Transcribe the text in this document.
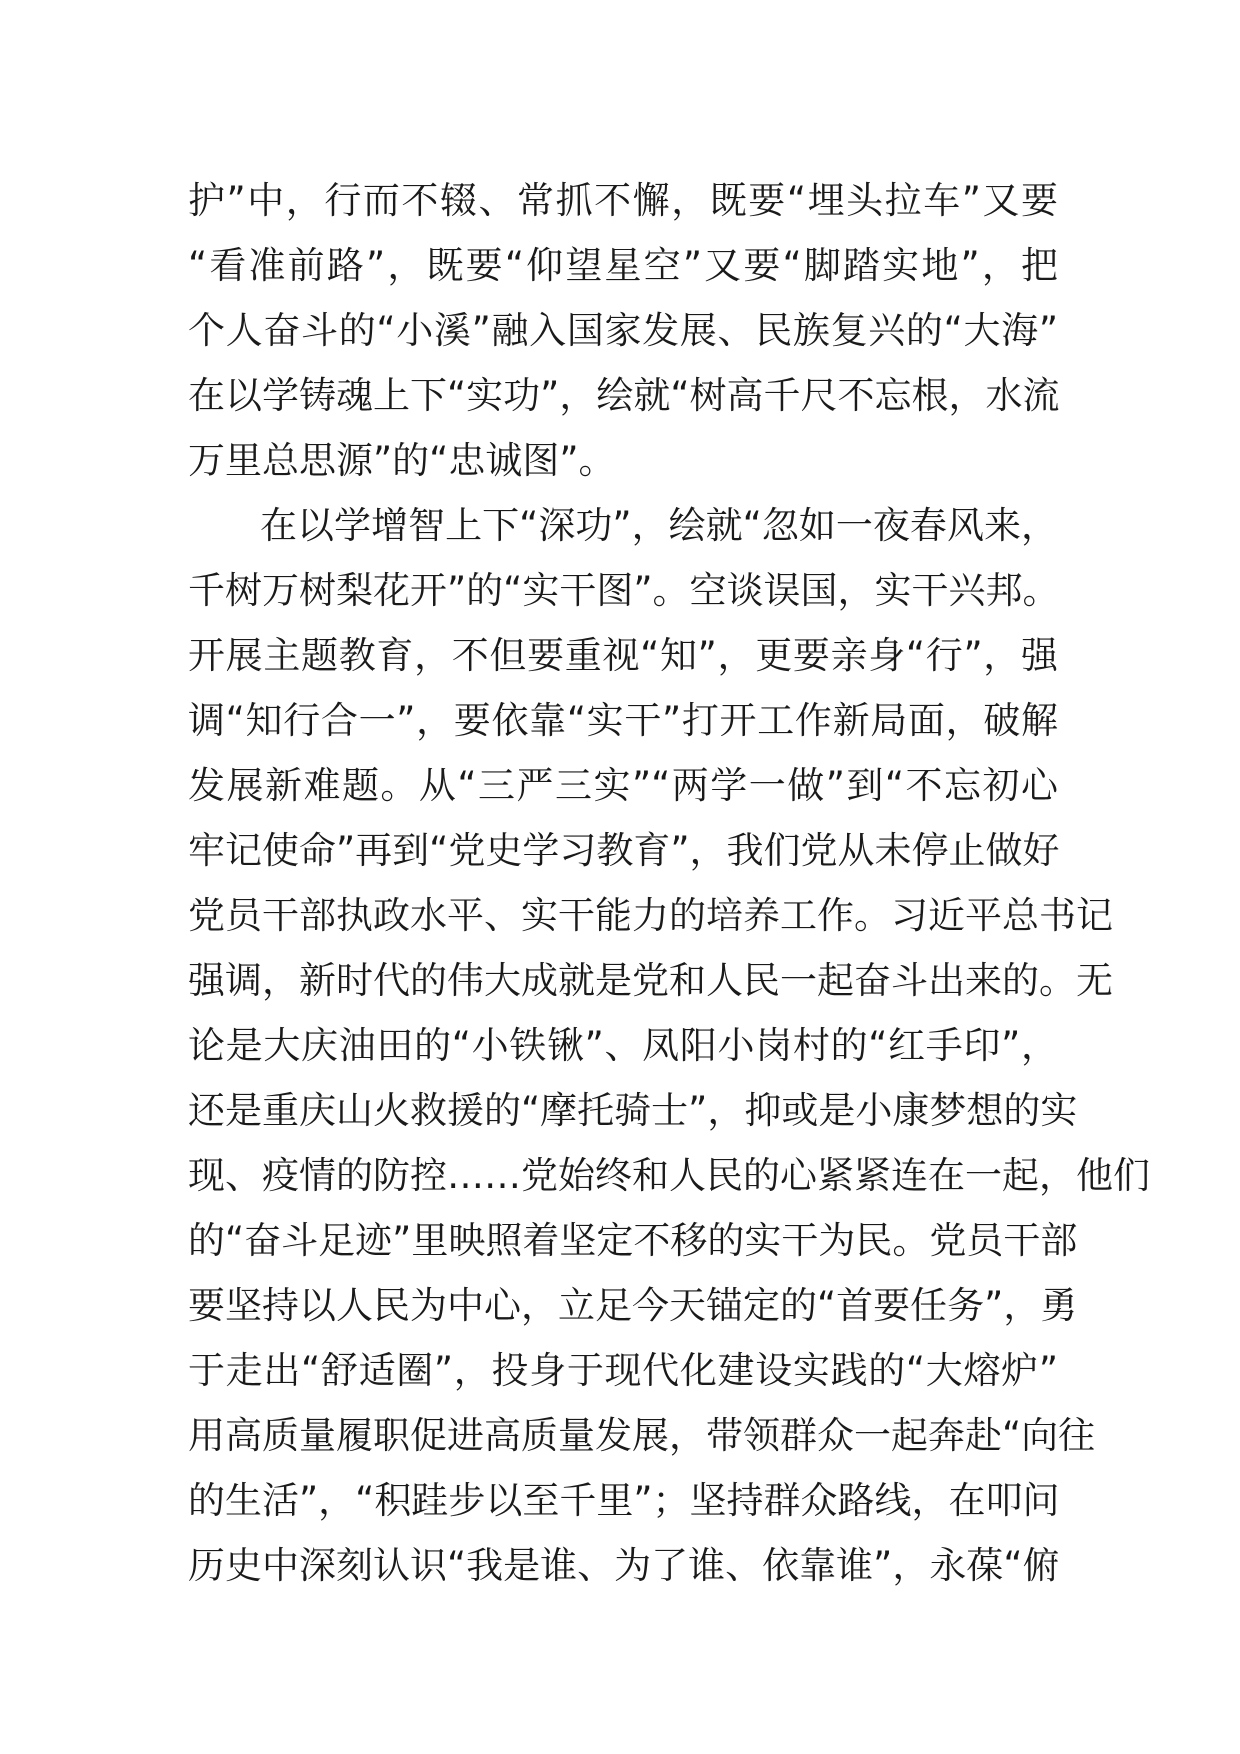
护”中，行而不辍、常抓不懈，既要“埋头拉车”又要
“看准前路”，既要“仰望星空”又要“脚踏实地”，把
个人奋斗的“小溪”融入国家发展、民族复兴的“大海”
在以学铸魂上下“实功”，绘就“树高千尺不忘根，水流
万里总思源”的“忠诚图”。
在以学增智上下“深功”，绘就“忽如一夜春风来，
千树万树梨花开”的“实干图”。空谈误国，实干兴邦。
开展主题教育，不但要重视“知”，更要亲身“行”，强
调“知行合一”，要依靠“实干”打开工作新局面，破解
发展新难题。从“三严三实”“两学一做”到“不忘初心
牢记使命”再到“党史学习教育”，我们党从未停止做好
党员干部执政水平、实干能力的培养工作。习近平总书记
强调，新时代的伟大成就是党和人民一起奋斗出来的。无
论是大庆油田的“小铁锹”、凤阳小岗村的“红手印”，
还是重庆山火救援的“摩托骑士”，抑或是小康梦想的实
现、疫情的防控……党始终和人民的心紧紧连在一起，他们
的“奋斗足迹”里映照着坚定不移的实干为民。党员干部
要坚持以人民为中心，立足今天锚定的“首要任务”，勇
于走出“舒适圈”，投身于现代化建设实践的“大熔炉”
用高质量履职促进高质量发展，带领群众一起奔赴“向往
的生活”，“积跬步以至千里”；坚持群众路线，在叩问
历史中深刻认识“我是谁、为了谁、依靠谁”，永葆“俯
